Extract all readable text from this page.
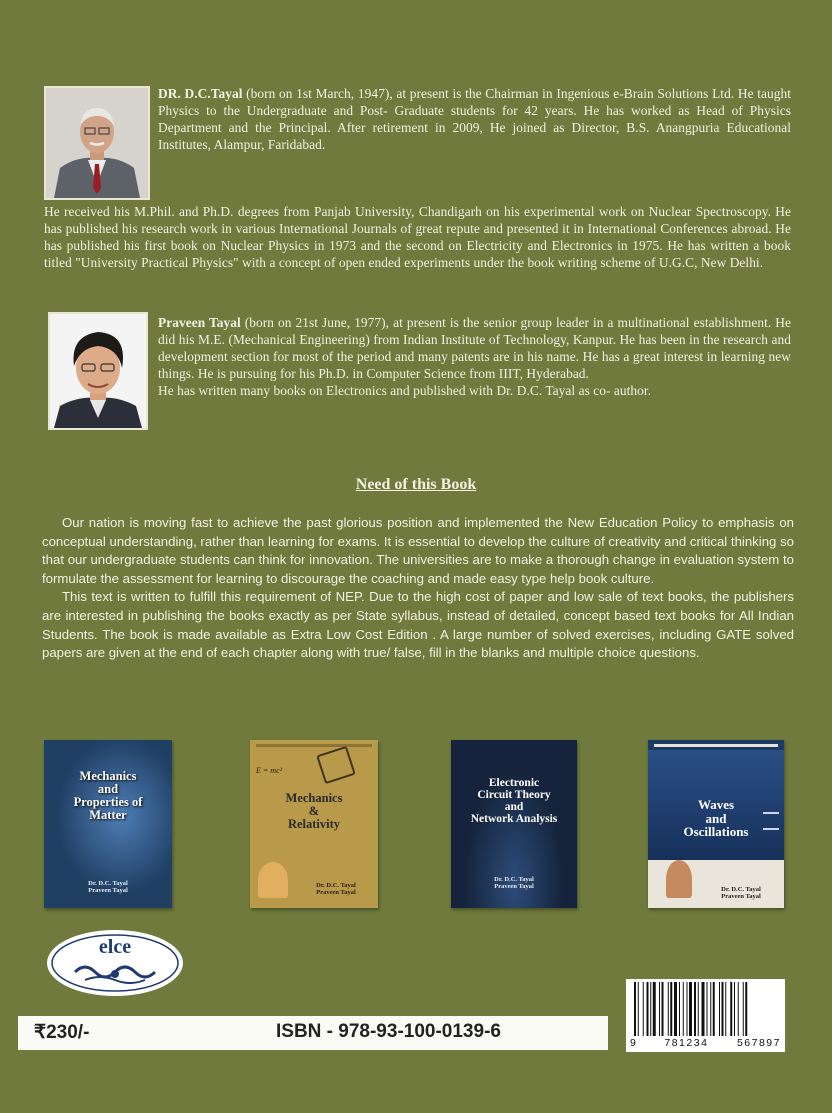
DR. D.C.Tayal (born on 1st March, 1947), at present is the Chairman in Ingenious e-Brain Solutions Ltd. He taught Physics to the Undergraduate and Post- Graduate students for 42 years. He has worked as Head of Physics Department and the Principal. After retirement in 2009, He joined as Director, B.S. Anangpuria Educational Institutes, Alampur, Faridabad.

He received his M.Phil. and Ph.D. degrees from Panjab University, Chandigarh on his experimental work on Nuclear Spectroscopy. He has published his research work in various International Journals of great repute and presented it in International Conferences abroad. He has published his first book on Nuclear Physics in 1973 and the second on Electricity and Electronics in 1975. He has written a book titled "University Practical Physics" with a concept of open ended experiments under the book writing scheme of U.G.C, New Delhi.

Praveen Tayal (born on 21st June, 1977), at present is the senior group leader in a multinational establishment. He did his M.E. (Mechanical Engineering) from Indian Institute of Technology, Kanpur. He has been in the research and development section for most of the period and many patents are in his name. He has a great interest in learning new things. He is pursuing for his Ph.D. in Computer Science from IIIT, Hyderabad.

He has written many books on Electronics and published with Dr. D.C. Tayal as co- author.

Need of this Book

Our nation is moving fast to achieve the past glorious position and implemented the New Education Policy to emphasis on conceptual understanding, rather than learning for exams. It is essential to develop the culture of creativity and critical thinking so that our undergraduate students can think for innovation. The universities are to make a thorough change in evaluation system to formulate the assessment for learning to discourage the coaching and made easy type help book culture.

This text is written to fulfill this requirement of NEP. Due to the high cost of paper and low sale of text books, the publishers are interested in publishing the books exactly as per State syllabus, instead of detailed, concept based text books for All Indian Students. The book is made available as Extra Low Cost Edition . A large number of solved exercises, including GATE solved papers are given at the end of each chapter along with true/ false, fill in the blanks and multiple choice questions.

Mechanics
and
Properties of
Matter
Dr. D.C. Tayal
Praveen Tayal
E = mc²
Mechanics
&
Relativity
Dr. D.C. Tayal
Praveen Tayal
Electronic
Circuit Theory
and
Network Analysis
Dr. D.C. Tayal
Praveen Tayal
Waves
and
Oscillations
Dr. D.C. Tayal
Praveen Tayal
elce
9	781234	567897
₹230/-	ISBN - 978-93-100-0139-6
